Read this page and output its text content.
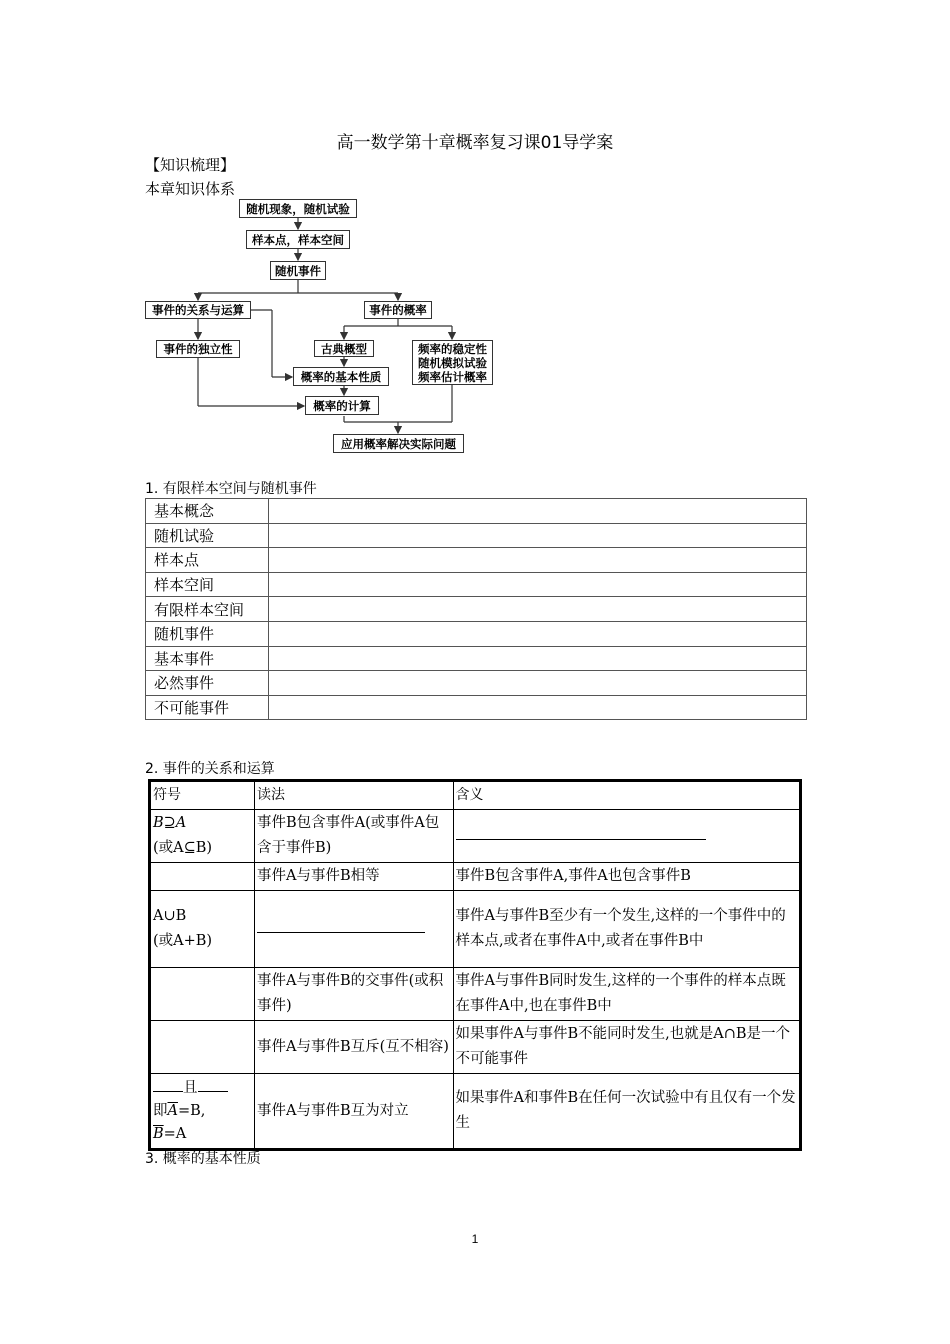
高一数学第十章概率复习课01导学案
【知识梳理】
本章知识体系
随机现象，随机试验
样本点，样本空间
随机事件
事件的关系与运算	事件的概率
事件的独立性	古典概型	频率的稳定性
随机模拟试验
频率估计概率
概率的基本性质
概率的计算
应用概率解决实际问题
1. 有限样本空间与随机事件
基本概念	
随机试验	
样本点	
样本空间	
有限样本空间	
随机事件	
基本事件	
必然事件	
不可能事件	
2. 事件的关系和运算
符号	读法	含义

B⊇A
(或A⊆B)	事件B包含事件A(或事件A包含于事件B)	
	事件A与事件B相等	事件B包含事件A,事件A也包含事件B

A∪B
(或A+B)		事件A与事件B至少有一个发生,这样的一个事件中的样本点,或者在事件A中,或者在事件B中
	事件A与事件B的交事件(或积事件)	事件A与事件B同时发生,这样的一个事件的样本点既在事件A中,也在事件B中
	事件A与事件B互斥(互不相容)	如果事件A与事件B不能同时发生,也就是A∩B是一个不可能事件

且
即$\overline{A}=B$,
$\overline{B}=A$	事件A与事件B互为对立	如果事件A和事件B在任何一次试验中有且仅有一个发生
3. 概率的基本性质
1
